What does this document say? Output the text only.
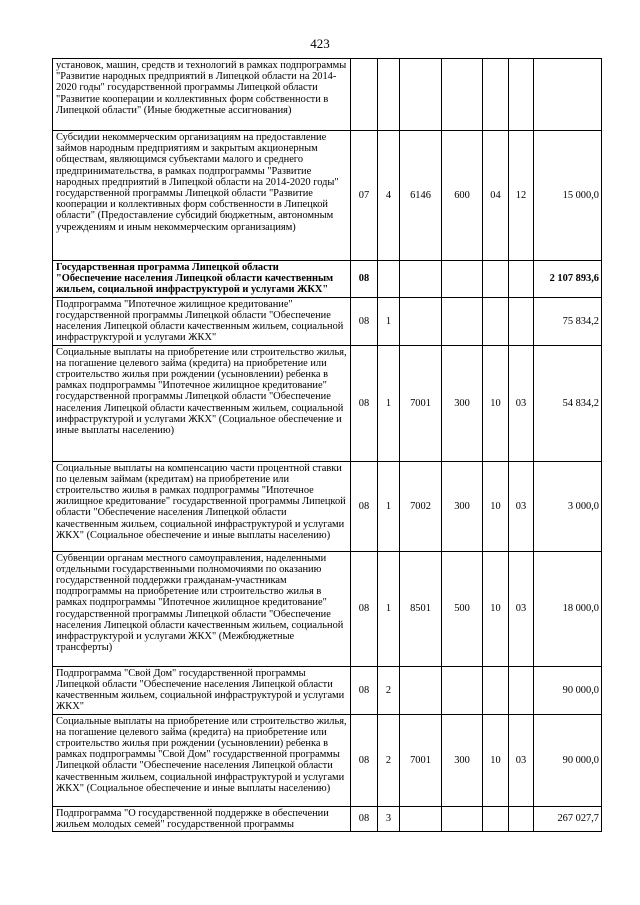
423
установок, машин, средств и технологий в рамках подпрограммы "Развитие народных предприятий в Липецкой области на 2014-2020 годы" государственной программы Липецкой области "Развитие кооперации и коллективных форм собственности в Липецкой области" (Иные бюджетные ассигнования)							
Субсидии некоммерческим организациям на предоставление займов народным предприятиям и закрытым акционерным обществам, являющимся субъектами малого и среднего предпринимательства, в рамках подпрограммы "Развитие народных предприятий в Липецкой области на 2014-2020 годы" государственной программы Липецкой области "Развитие кооперации и коллективных форм собственности в Липецкой области" (Предоставление субсидий бюджетным, автономным учреждениям и иным некоммерческим организациям)	07	4	6146	600	04	12	15 000,0
Государственная программа Липецкой области "Обеспечение населения Липецкой области качественным жильем, социальной инфраструктурой и услугами ЖКХ"	08						2 107 893,6
Подпрограмма "Ипотечное жилищное кредитование" государственной программы Липецкой области "Обеспечение населения Липецкой области качественным жильем, социальной инфраструктурой и услугами ЖКХ"	08	1					75 834,2
Социальные выплаты на приобретение или строительство жилья, на погашение целевого займа (кредита) на приобретение или строительство жилья при рождении (усыновлении) ребенка в рамках подпрограммы "Ипотечное жилищное кредитование" государственной программы Липецкой области "Обеспечение населения Липецкой области качественным жильем, социальной инфраструктурой и услугами ЖКХ" (Социальное обеспечение и иные выплаты населению)	08	1	7001	300	10	03	54 834,2
Социальные выплаты на компенсацию части процентной ставки по целевым займам (кредитам) на приобретение или строительство жилья в рамках подпрограммы "Ипотечное жилищное кредитование" государственной программы Липецкой области "Обеспечение населения Липецкой области качественным жильем, социальной инфраструктурой и услугами ЖКХ" (Социальное обеспечение и иные выплаты населению)	08	1	7002	300	10	03	3 000,0
Субвенции органам местного самоуправления, наделенными отдельными государственными полномочиями по оказанию государственной поддержки гражданам-участникам подпрограммы на приобретение или строительство жилья в рамках подпрограммы "Ипотечное жилищное кредитование" государственной программы Липецкой области "Обеспечение населения Липецкой области качественным жильем, социальной инфраструктурой и услугами ЖКХ" (Межбюджетные трансферты)	08	1	8501	500	10	03	18 000,0
Подпрограмма "Свой Дом" государственной программы Липецкой области "Обеспечение населения Липецкой области качественным жильем, социальной инфраструктурой и услугами ЖКХ"	08	2					90 000,0
Социальные выплаты на приобретение или строительство жилья, на погашение целевого займа (кредита) на приобретение или строительство жилья при рождении (усыновлении) ребенка в рамках подпрограммы "Свой Дом" государственной программы Липецкой области "Обеспечение населения Липецкой области качественным жильем, социальной инфраструктурой и услугами ЖКХ" (Социальное обеспечение и иные выплаты населению)	08	2	7001	300	10	03	90 000,0
Подпрограмма "О государственной поддержке в обеспечении жильем молодых семей" государственной программы	08	3					267 027,7
